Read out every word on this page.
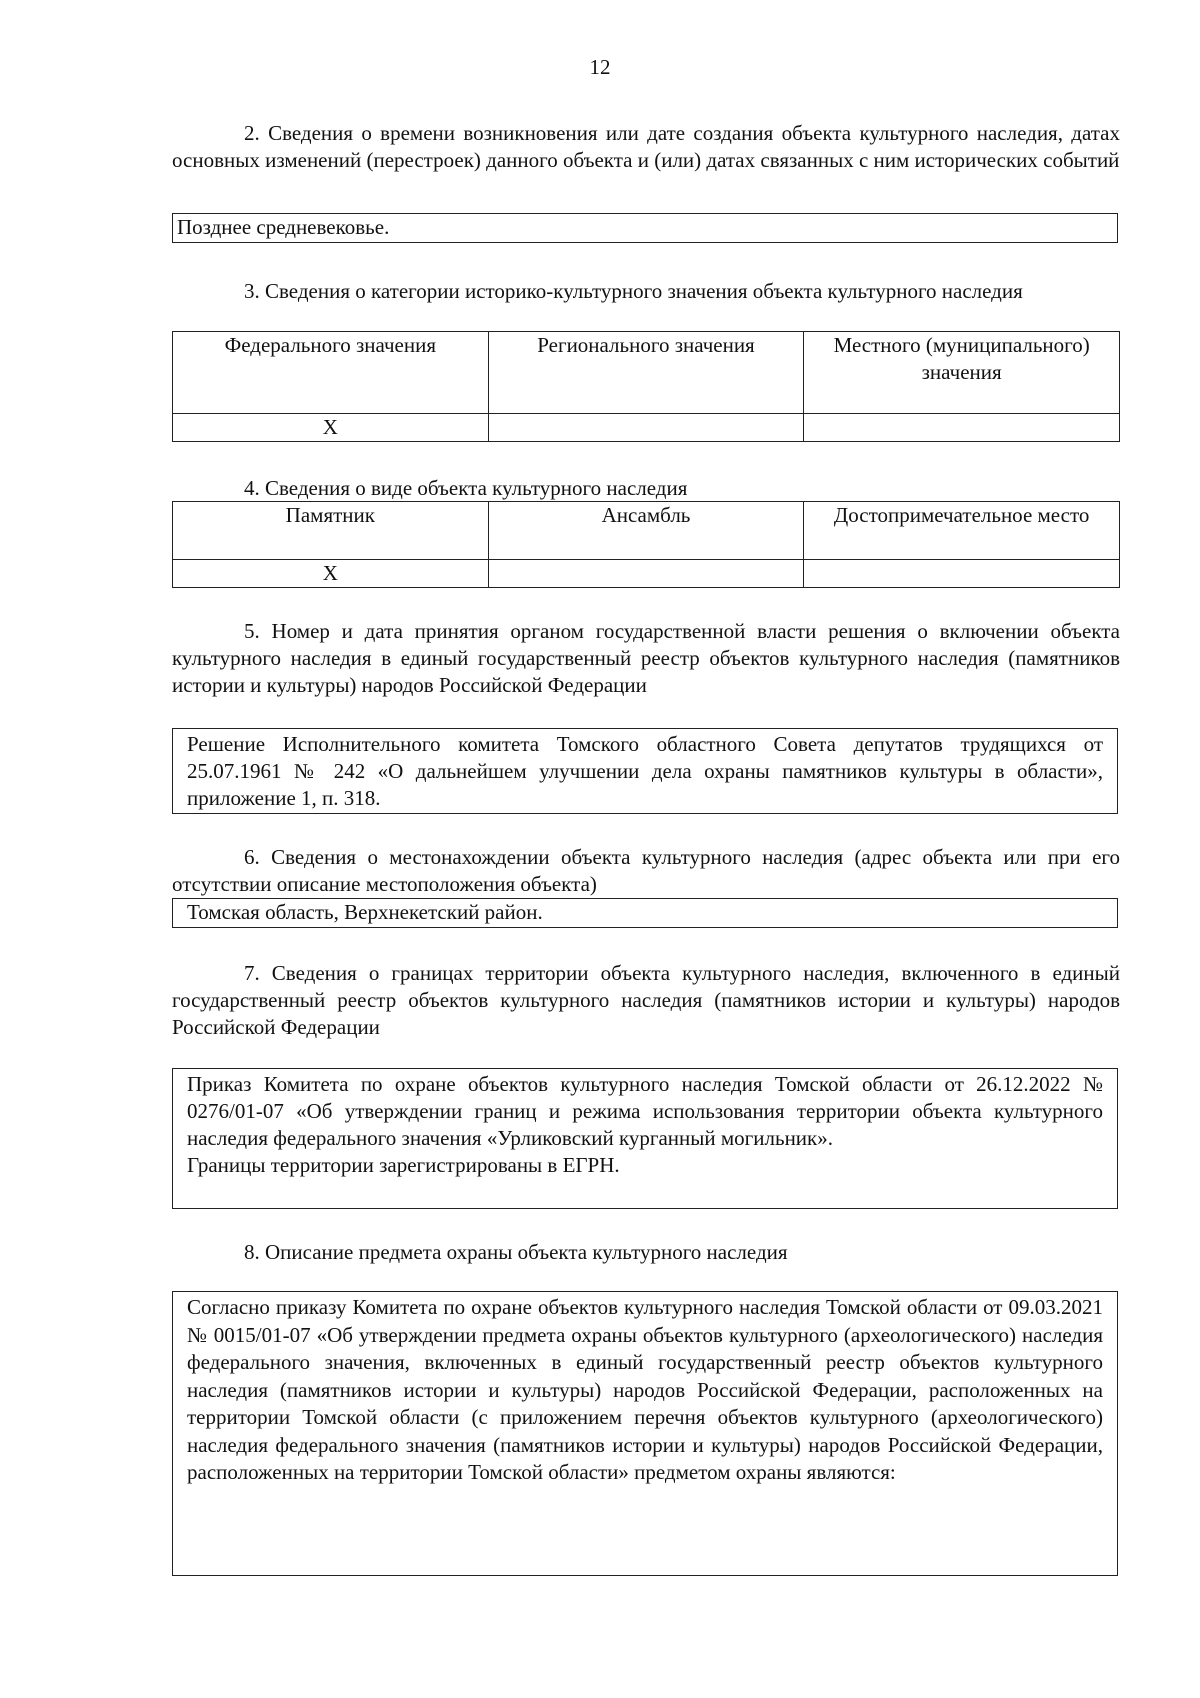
12

2. Сведения о времени возникновения или дате создания объекта культурного наследия, датах основных изменений (перестроек) данного объекта и (или) датах связанных с ним исторических событий

Позднее средневековье.

3. Сведения о категории историко-культурного значения объекта культурного наследия

Федерального значения	Регионального значения	Местного (муниципального) значения
Х		

4. Сведения о виде объекта культурного наследия

Памятник	Ансамбль	Достопримечательное место
Х		

5. Номер и дата принятия органом государственной власти решения о включении объекта культурного наследия в единый государственный реестр объектов культурного наследия (памятников истории и культуры) народов Российской Федерации

Решение Исполнительного комитета Томского областного Совета депутатов трудящихся от 25.07.1961 № 242 «О дальнейшем улучшении дела охраны памятников культуры в области», приложение 1, п. 318.

6. Сведения о местонахождении объекта культурного наследия (адрес объекта или при его отсутствии описание местоположения объекта)

Томская область, Верхнекетский район.

7. Сведения о границах территории объекта культурного наследия, включенного в единый государственный реестр объектов культурного наследия (памятников истории и культуры) народов Российской Федерации

Приказ Комитета по охране объектов культурного наследия Томской области от 26.12.2022 № 0276/01-07 «Об утверждении границ и режима использования территории объекта культурного наследия федерального значения «Урликовский курганный могильник».

Границы территории зарегистрированы в ЕГРН.

8. Описание предмета охраны объекта культурного наследия

Согласно приказу Комитета по охране объектов культурного наследия Томской области от 09.03.2021 № 0015/01-07 «Об утверждении предмета охраны объектов культурного (археологического) наследия федерального значения, включенных в единый государственный реестр объектов культурного наследия (памятников истории и культуры) народов Российской Федерации, расположенных на территории Томской области (с приложением перечня объектов культурного (археологического) наследия федерального значения (памятников истории и культуры) народов Российской Федерации, расположенных на территории Томской области» предметом охраны являются:
